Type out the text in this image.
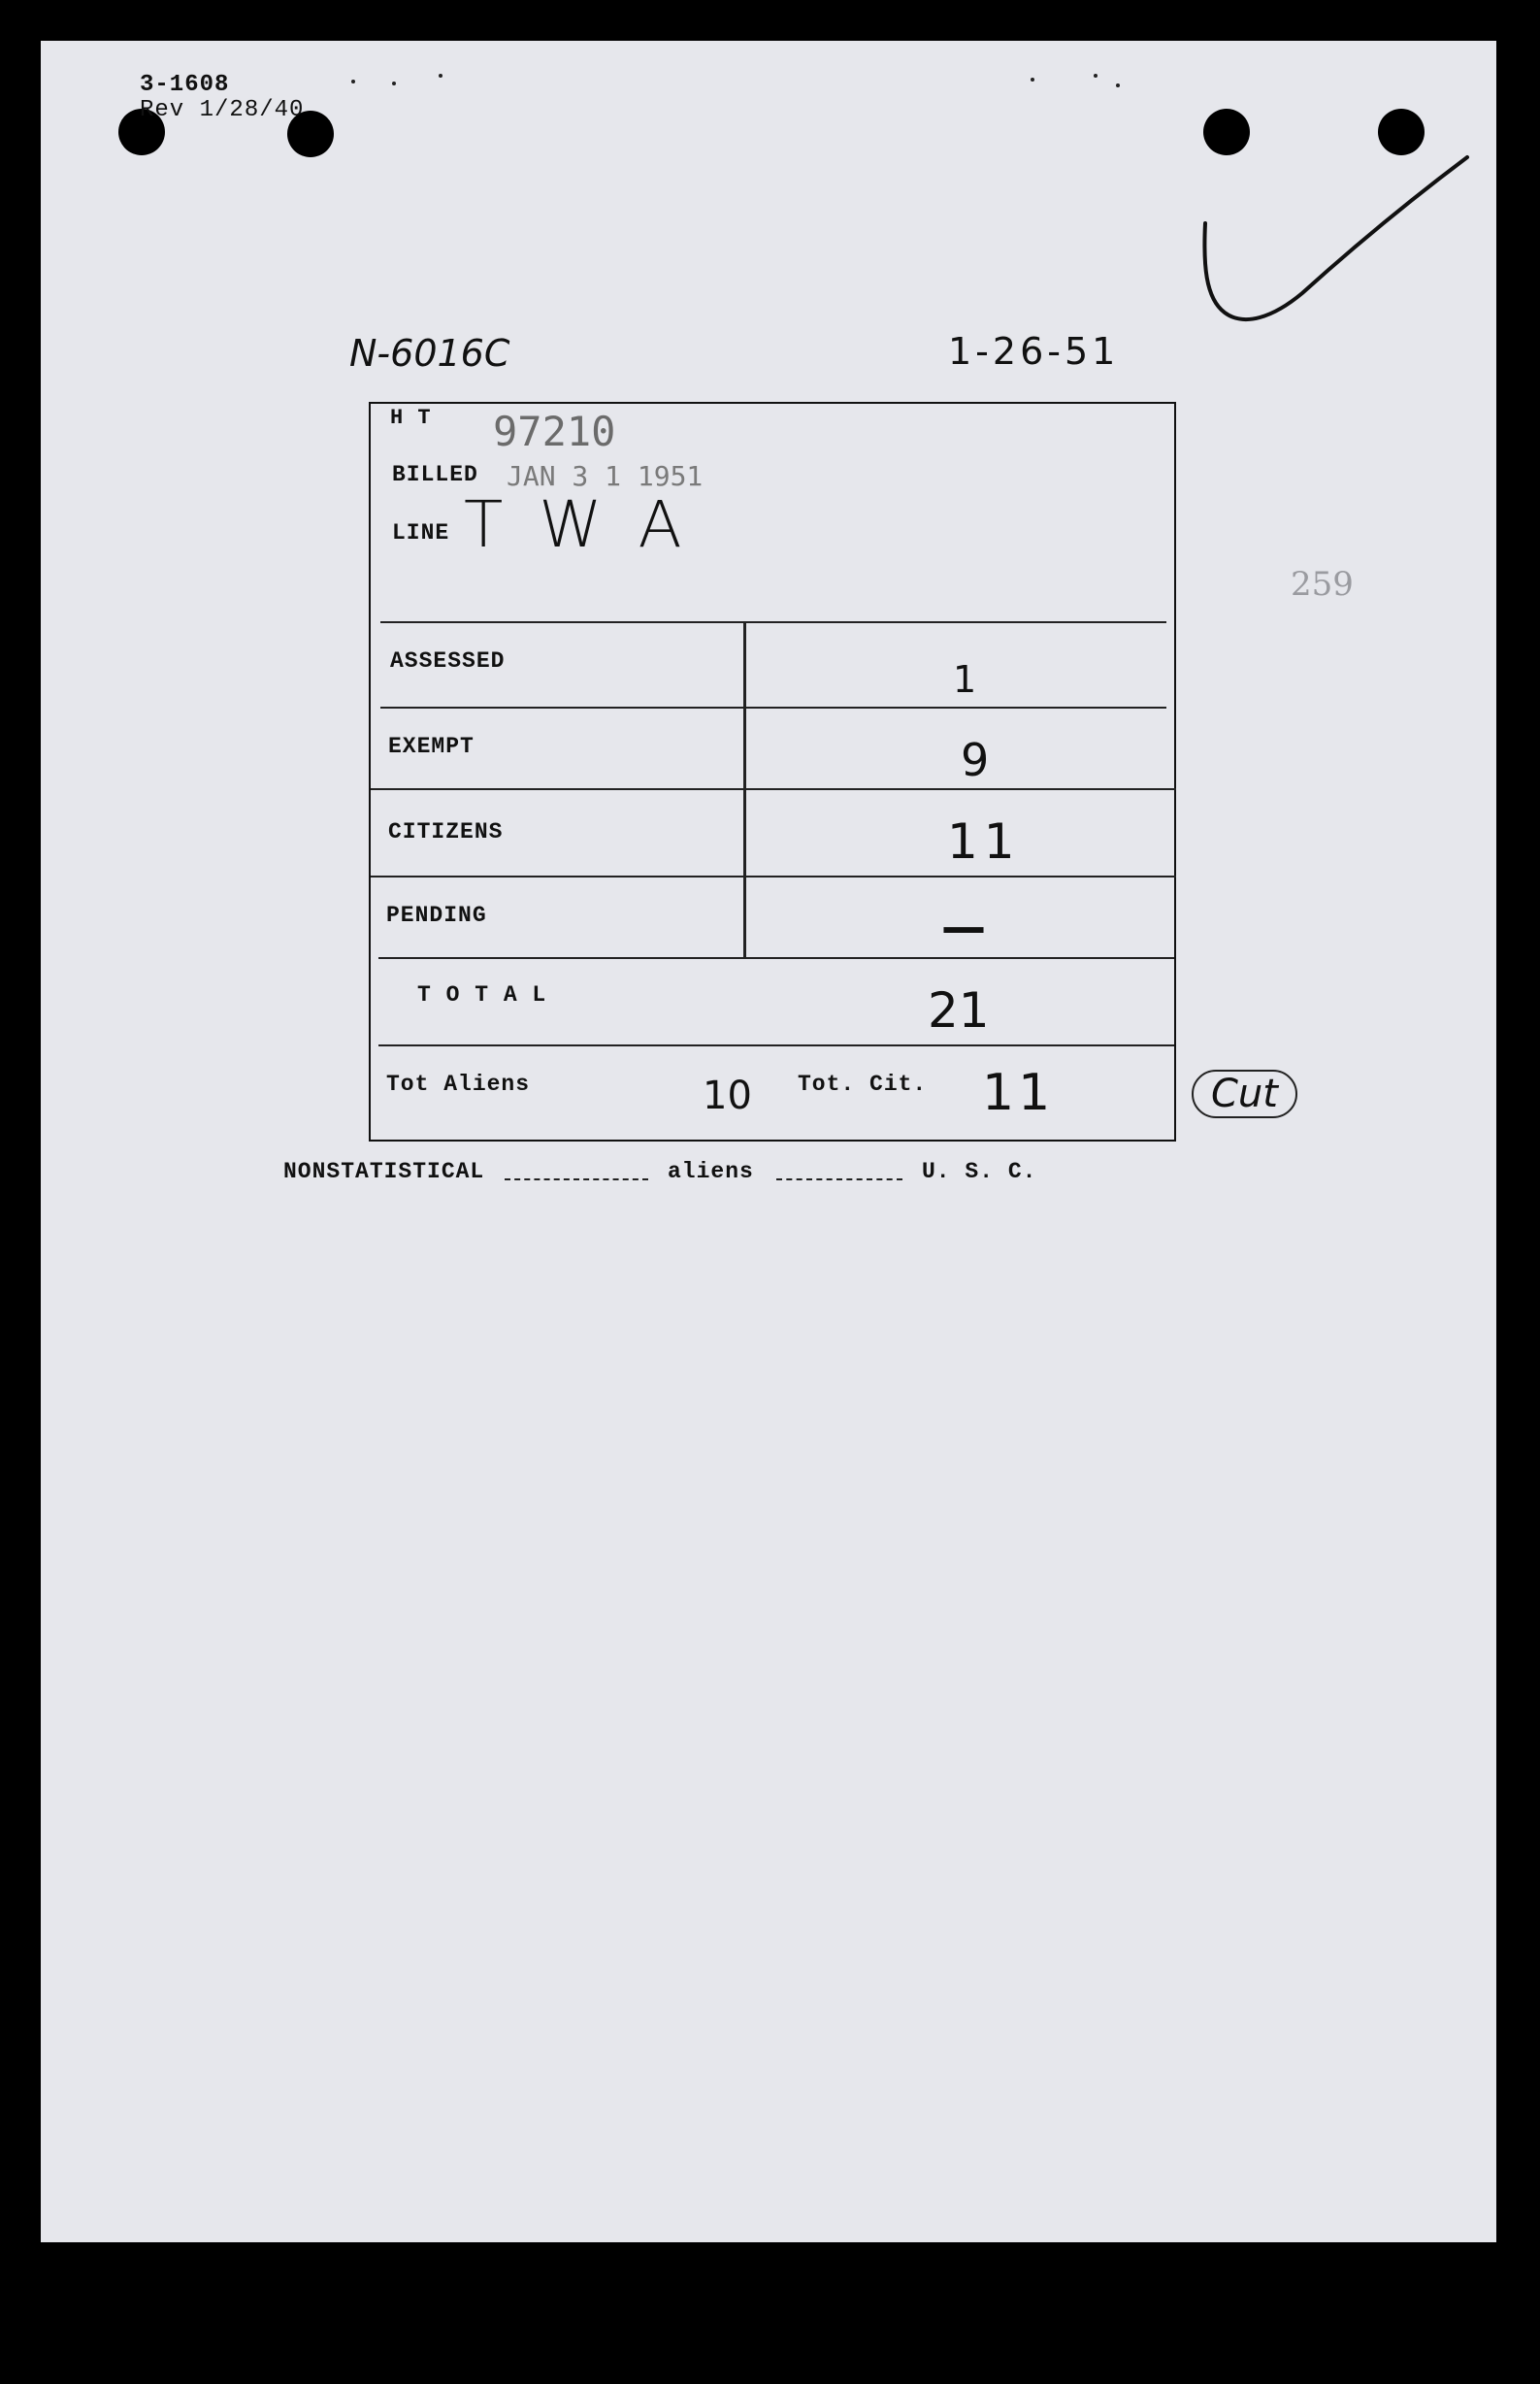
3-1608
Rev 1/28/40
N-6016C	1-26-51
259
H T 97210
BILLED JAN 3 1 1951
LINE T W A
ASSESSED	1
EXEMPT	9
CITIZENS	11
PENDING	—
T O T A L	21
Tot Aliens	10 Tot. Cit. 11	Cut
NONSTATISTICAL	aliens	U. S. C.
